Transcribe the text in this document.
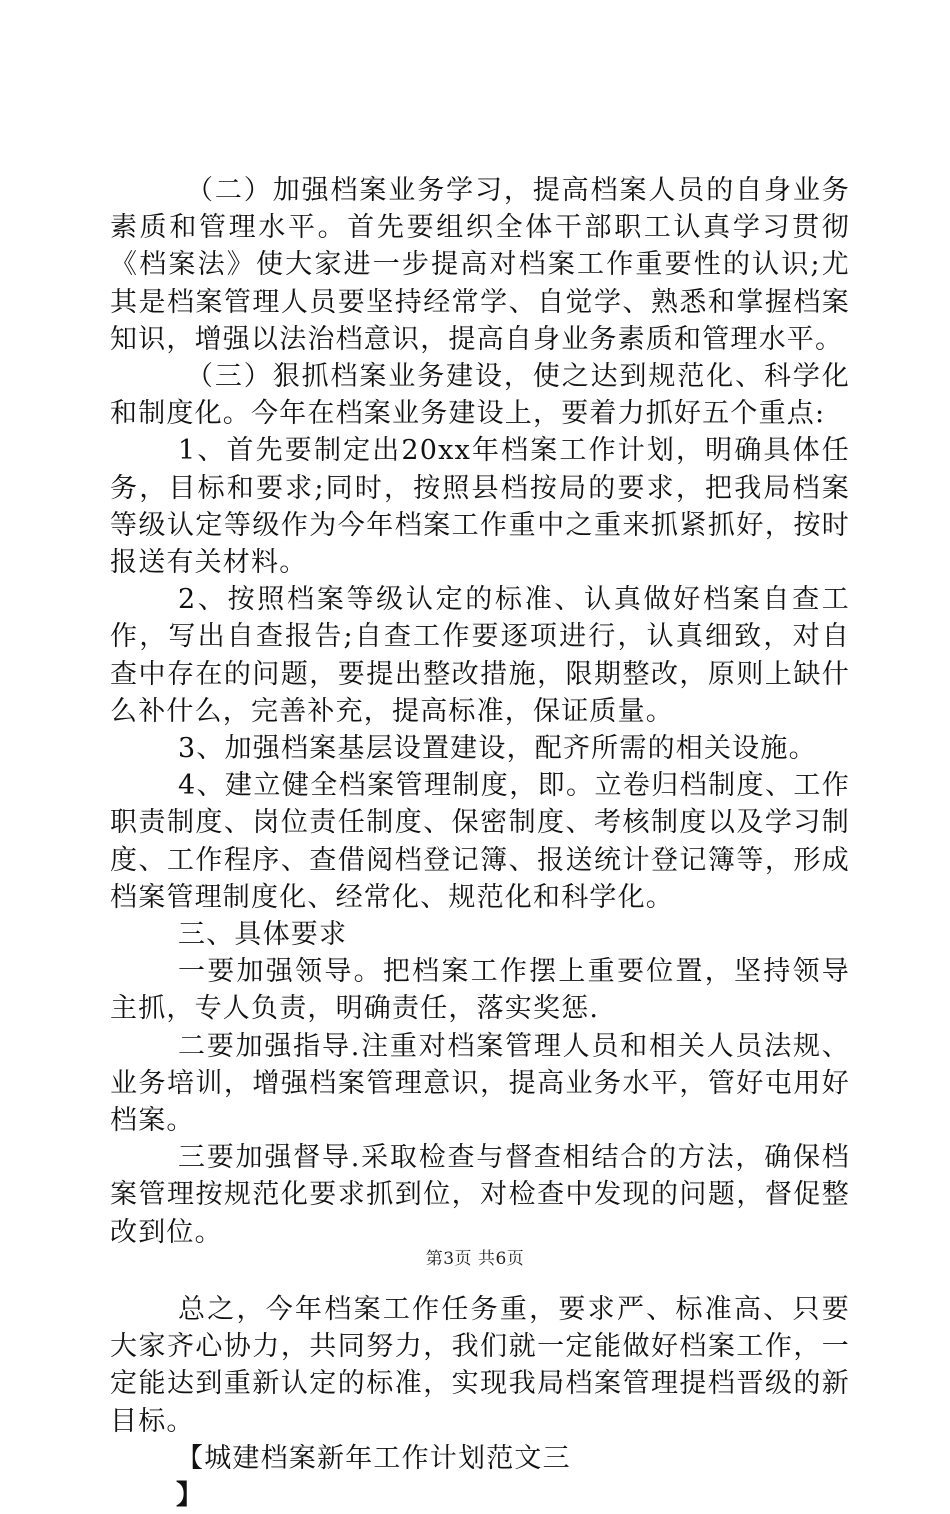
（二）加强档案业务学习，提高档案人员的自身业务素质和管理水平。首先要组织全体干部职工认真学习贯彻《档案法》使大家进一步提高对档案工作重要性的认识;尤其是档案管理人员要坚持经常学、自觉学、熟悉和掌握档案知识，增强以法治档意识，提高自身业务素质和管理水平。

（三）狠抓档案业务建设，使之达到规范化、科学化和制度化。今年在档案业务建设上，要着力抓好五个重点:

1、首先要制定出20xx年档案工作计划，明确具体任务，目标和要求;同时，按照县档按局的要求，把我局档案等级认定等级作为今年档案工作重中之重来抓紧抓好，按时报送有关材料。

2、按照档案等级认定的标准、认真做好档案自查工作，写出自查报告;自查工作要逐项进行，认真细致，对自查中存在的问题，要提出整改措施，限期整改，原则上缺什么补什么，完善补充，提高标准，保证质量。

3、加强档案基层设置建设，配齐所需的相关设施。

4、建立健全档案管理制度，即。立卷归档制度、工作职责制度、岗位责任制度、保密制度、考核制度以及学习制度、工作程序、查借阅档登记簿、报送统计登记簿等，形成档案管理制度化、经常化、规范化和科学化。

三、具体要求

一要加强领导。把档案工作摆上重要位置，坚持领导主抓，专人负责，明确责任，落实奖惩.

二要加强指导.注重对档案管理人员和相关人员法规、业务培训，增强档案管理意识，提高业务水平，管好屯用好档案。

三要加强督导.采取检查与督查相结合的方法，确保档案管理按规范化要求抓到位，对检查中发现的问题，督促整改到位。

总之，今年档案工作任务重，要求严、标准高、只要大家齐心协力，共同努力，我们就一定能做好档案工作，一定能达到重新认定的标准，实现我局档案管理提档晋级的新目标。

【城建档案新年工作计划范文三

】

第3页 共6页
